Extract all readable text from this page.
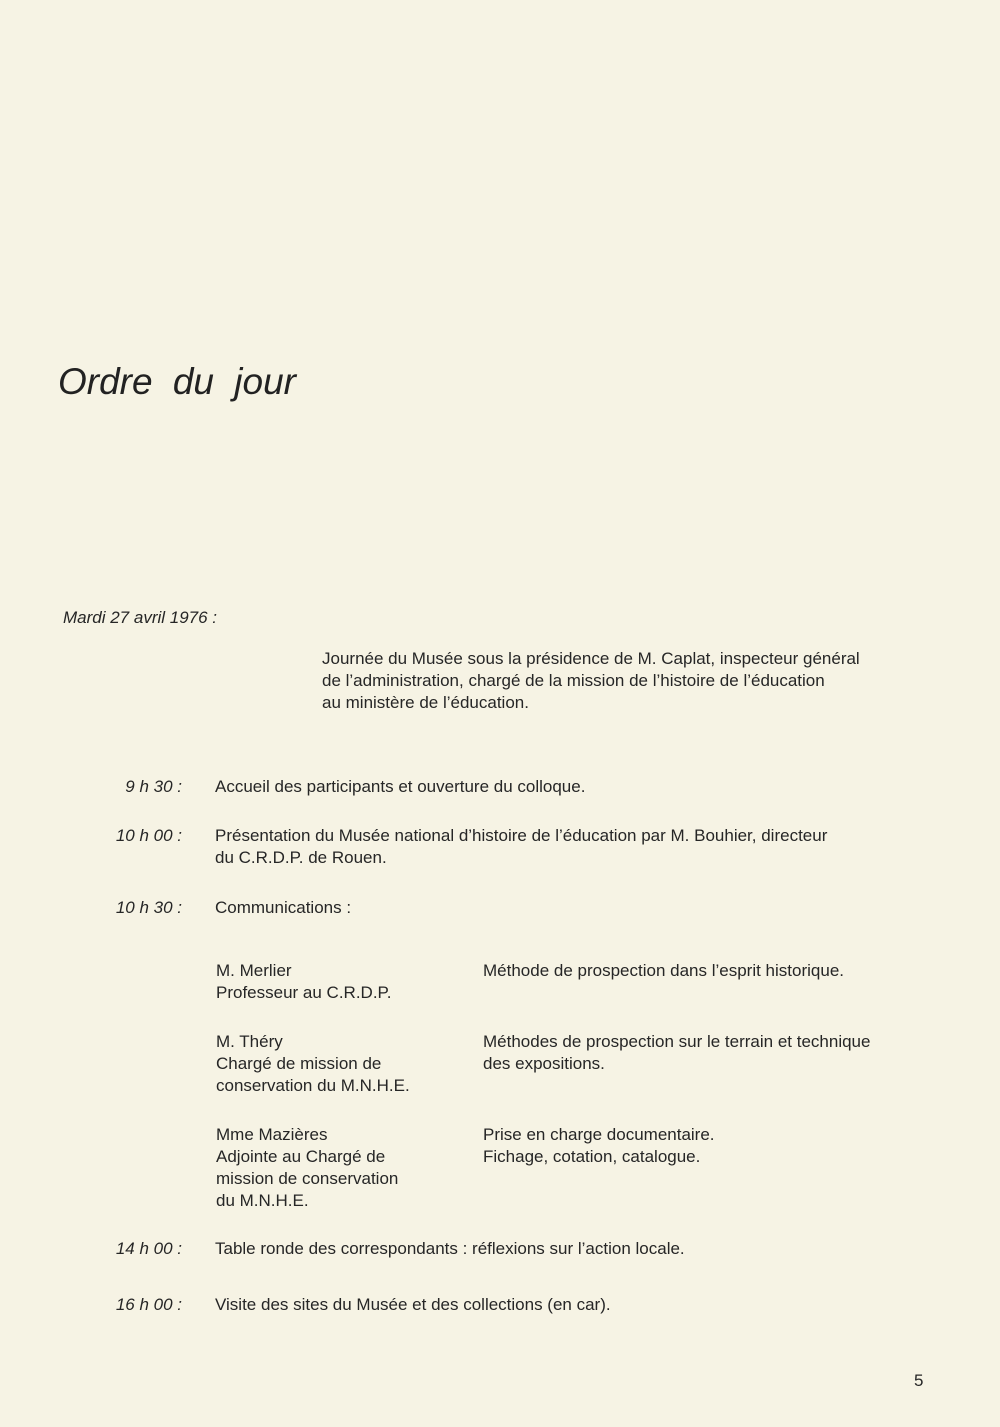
Ordre du jour

Mardi 27 avril 1976 :

Journée du Musée sous la présidence de M. Caplat, inspecteur général
de l’administration, chargé de la mission de l’histoire de l’éducation
au ministère de l’éducation.

9 h 30 : Accueil des participants et ouverture du colloque.
10 h 00 : Présentation du Musée national d’histoire de l’éducation par M. Bouhier, directeur
du C.R.D.P. de Rouen.
10 h 30 : Communications :
M. Merlier
Professeur au C.R.D.P.
Méthode de prospection dans l’esprit historique.
M. Théry
Chargé de mission de
conservation du M.N.H.E.
Méthodes de prospection sur le terrain et technique
des expositions.
Mme Mazières
Adjointe au Chargé de
mission de conservation
du M.N.H.E.
Prise en charge documentaire.
Fichage, cotation, catalogue.
14 h 00 : Table ronde des correspondants : réflexions sur l’action locale.
16 h 00 : Visite des sites du Musée et des collections (en car).
5
